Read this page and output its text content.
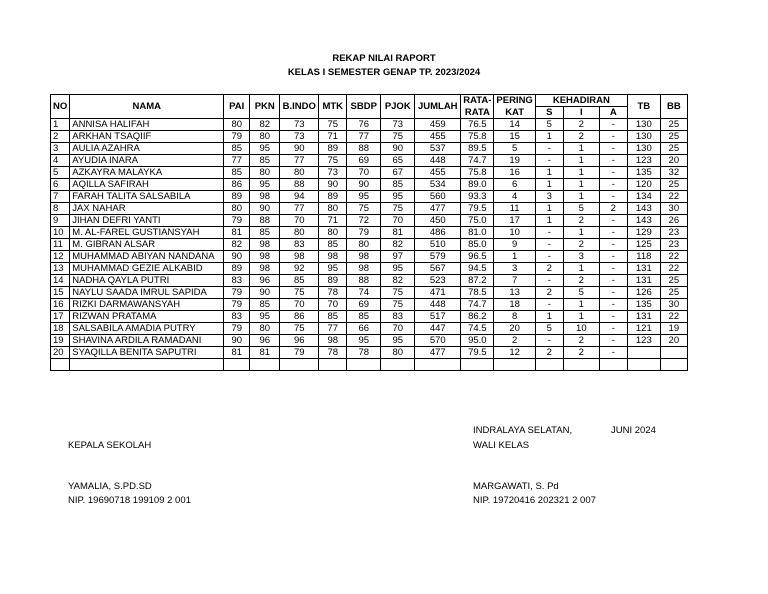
REKAP NILAI RAPORT
KELAS I SEMESTER GENAP TP. 2023/2024
NO	NAMA	PAI	PKN	B.INDO	MTK	SBDP	PJOK	JUMLAH	RATA-	PERING	KEHADIRAN			TB	BB
									RATA	KAT	S	I	A		
1	ANNISA HALIFAH	80	82	73	75	76	73	459	76.5	14	5	2	-	130	25
2	ARKHAN TSAQIIF	79	80	73	71	77	75	455	75.8	15	1	2	-	130	25
3	AULIA AZAHRA	85	95	90	89	88	90	537	89.5	5	-	1	-	130	25
4	AYUDIA INARA	77	85	77	75	69	65	448	74.7	19	-	1	-	123	20
5	AZKAYRA MALAYKA	85	80	80	73	70	67	455	75.8	16	1	1	-	135	32
6	AQILLA SAFIRAH	86	95	88	90	90	85	534	89.0	6	1	1	-	120	25
7	FARAH TALITA SALSABILA	89	98	94	89	95	95	560	93.3	4	3	1	-	134	22
8	JAX NAHAR	80	90	77	80	75	75	477	79.5	11	1	5	2	143	30
9	JIHAN DEFRI YANTI	79	88	70	71	72	70	450	75.0	17	1	2	-	143	26
10	M. AL-FAREL GUSTIANSYAH	81	85	80	80	79	81	486	81.0	10	-	1	-	129	23
11	M. GIBRAN ALSAR	82	98	83	85	80	82	510	85.0	9	-	2	-	125	23
12	MUHAMMAD ABIYAN NANDANA	90	98	98	98	98	97	579	96.5	1	-	3	-	118	22
13	MUHAMMAD GEZIE ALKABID	89	98	92	95	98	95	567	94.5	3	2	1	-	131	22
14	NADHA QAYLA PUTRI	83	96	85	89	88	82	523	87.2	7	-	2	-	131	25
15	NAYLU SAADA IMRUL SAPIDA	79	90	75	78	74	75	471	78.5	13	2	5	-	126	25
16	RIZKI DARMAWANSYAH	79	85	70	70	69	75	448	74.7	18	-	1	-	135	30
17	RIZWAN PRATAMA	83	95	86	85	85	83	517	86.2	8	1	1	-	131	22
18	SALSABILA AMADIA PUTRY	79	80	75	77	66	70	447	74.5	20	5	10	-	121	19
19	SHAVINA ARDILA RAMADANI	90	96	96	98	95	95	570	95.0	2	-	2	-	123	20
20	SYAQILLA BENITA SAPUTRI	81	81	79	78	78	80	477	79.5	12	2	2	-		

INDRALAYA SELATAN,	JUNI 2024
KEPALA SEKOLAH	WALI KELAS
YAMALIA, S.PD.SD	MARGAWATI, S. Pd
NIP. 19690718 199109 2 001	NIP. 19720416 202321 2 007
